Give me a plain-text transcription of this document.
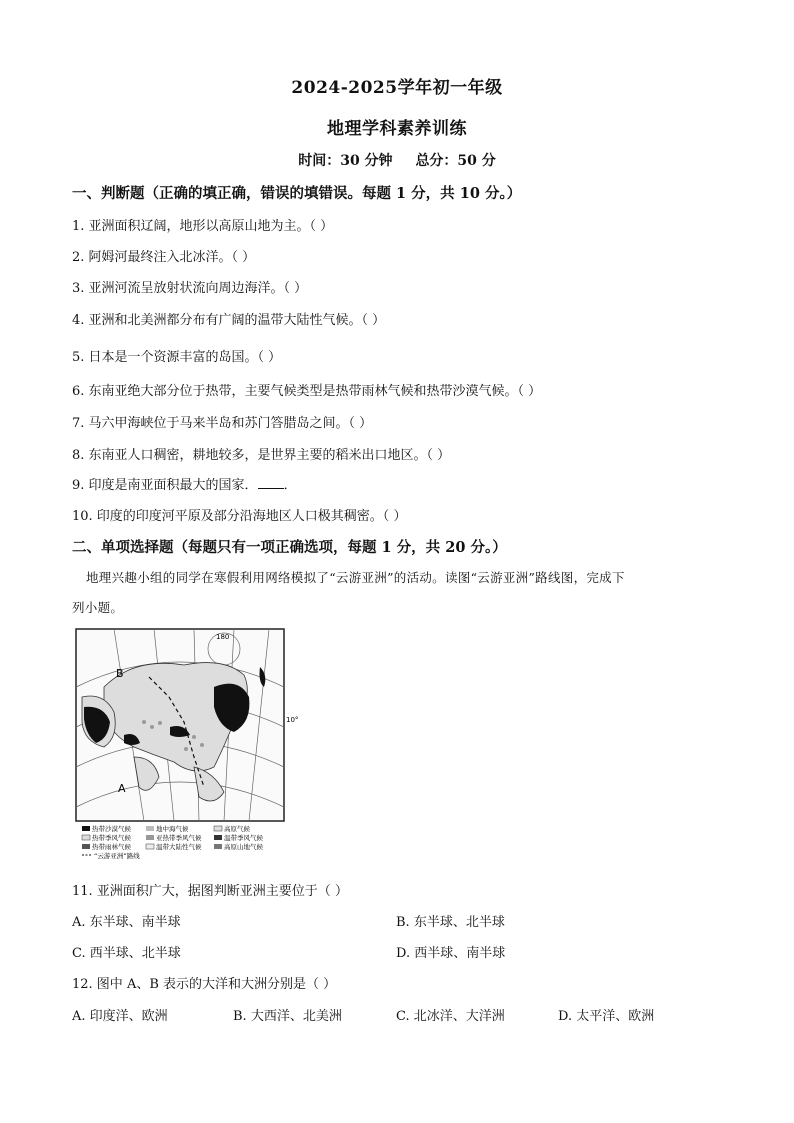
2024-2025学年初一年级
地理学科素养训练
时间：30 分钟 总分：50 分
一、判断题（正确的填正确，错误的填错误。每题 1 分，共 10 分。）
1. 亚洲面积辽阔，地形以高原山地为主。（ ）
2. 阿姆河最终注入北冰洋。（ ）
3. 亚洲河流呈放射状流向周边海洋。（ ）
4. 亚洲和北美洲都分布有广阔的温带大陆性气候。（ ）
5. 日本是一个资源丰富的岛国。（ ）
6. 东南亚绝大部分位于热带，主要气候类型是热带雨林气候和热带沙漠气候。（ ）
7. 马六甲海峡位于马来半岛和苏门答腊岛之间。（ ）
8. 东南亚人口稠密，耕地较多，是世界主要的稻米出口地区。（ ）
9. 印度是南亚面积最大的国家． ．
10. 印度的印度河平原及部分沿海地区人口极其稠密。（ ）
二、单项选择题（每题只有一项正确选项，每题 1 分，共 20 分。）
地理兴趣小组的同学在寒假利用网络模拟了“云游亚洲”的活动。读图“云游亚洲”路线图，完成下
列小题。
B
A
180
10°
热带沙漠气候	地中海气候	高原气候
热带季风气候	亚热带季风气候	温带季风气候
热带雨林气候	温带大陆性气候	高原山地气候
“云游亚洲”路线
11. 亚洲面积广大，据图判断亚洲主要位于（ ）
A. 东半球、南半球	B. 东半球、北半球
C. 西半球、北半球	D. 西半球、南半球
12. 图中 A、B 表示的大洋和大洲分别是（ ）
A. 印度洋、欧洲	B. 大西洋、北美洲	C. 北冰洋、大洋洲	D. 太平洋、欧洲
